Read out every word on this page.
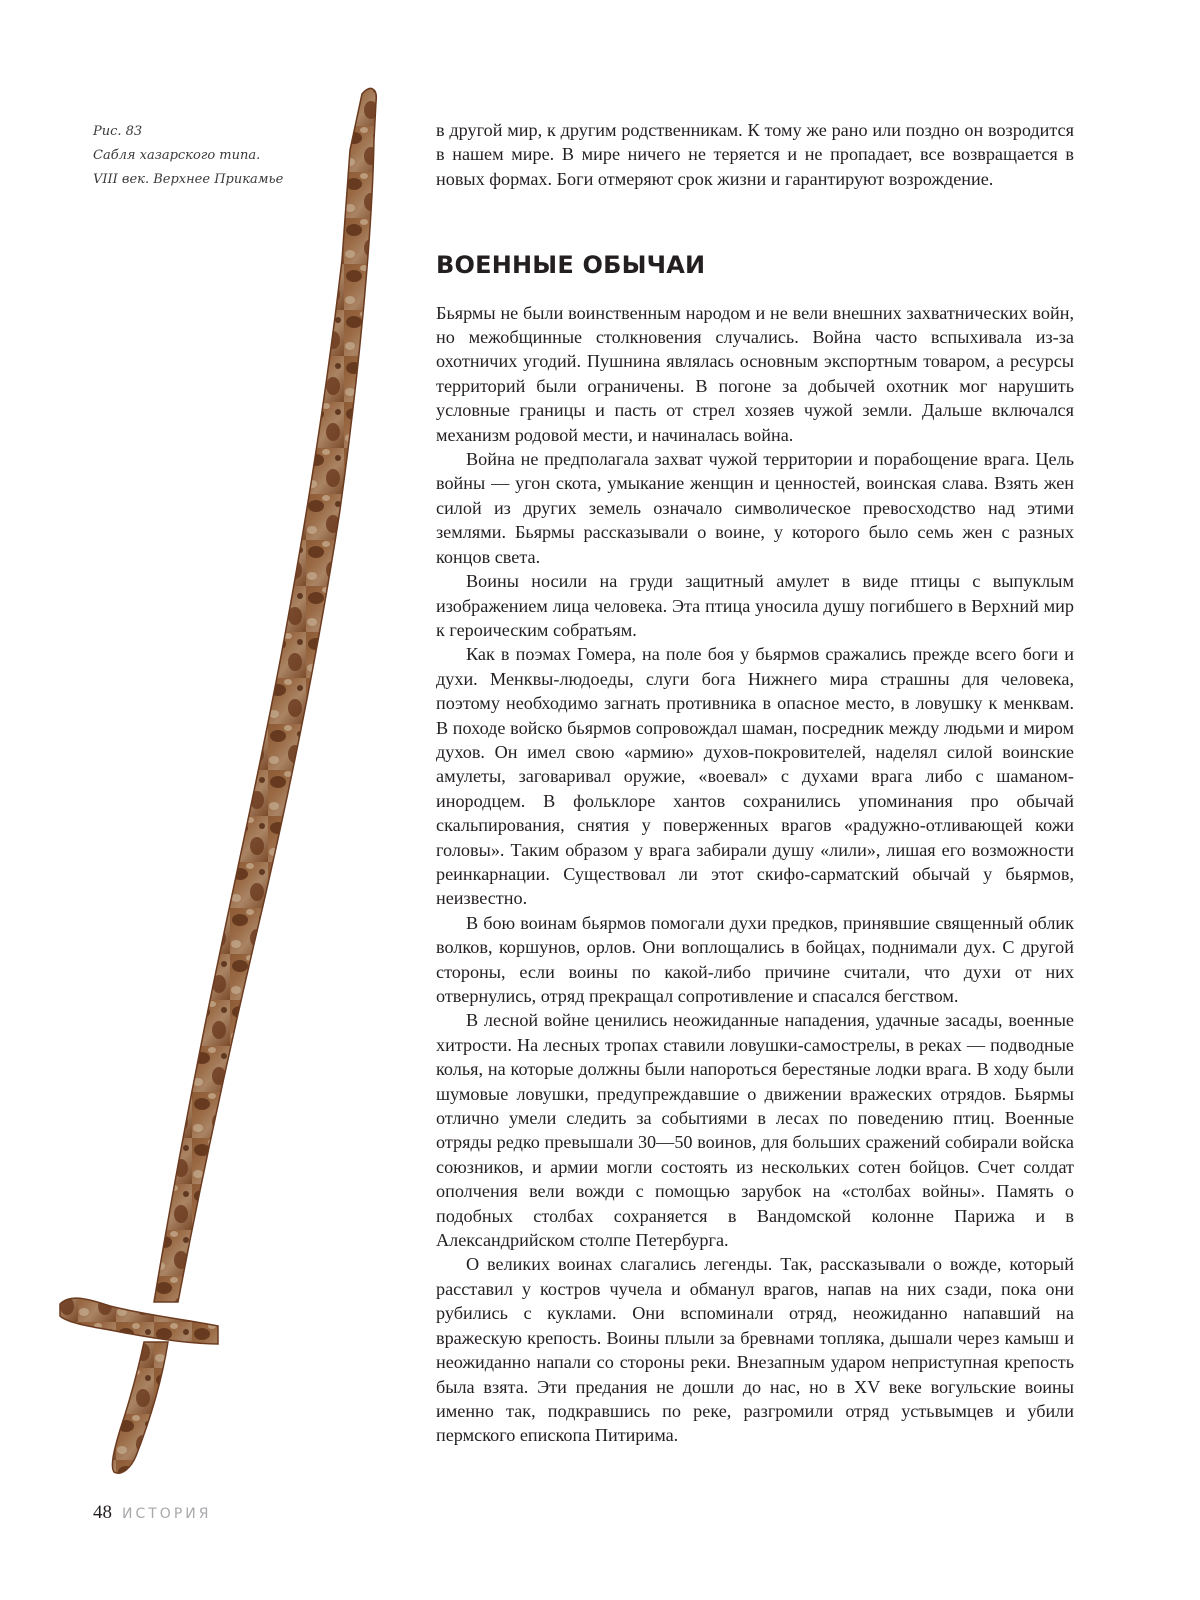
Рис. 83
Сабля хазарского типа.
VIII век. Верхнее Прикамье

в другой мир, к другим родственникам. К тому же рано или поздно он возродится в нашем мире. В мире ничего не теряется и не пропадает, все возвращается в новых формах. Боги отмеряют срок жизни и гарантируют возрождение.

ВОЕННЫЕ ОБЫЧАИ

Бьярмы не были воинственным народом и не вели внешних захватнических войн, но межобщинные столкновения случались. Война часто вспыхивала из-за охотничих угодий. Пушнина являлась основным экспортным товаром, а ресурсы территорий были ограничены. В погоне за добычей охотник мог нарушить условные границы и пасть от стрел хозяев чужой земли. Дальше включался механизм родовой мести, и начиналась война.

Война не предполагала захват чужой территории и порабощение врага. Цель войны — угон скота, умыкание женщин и ценностей, воинская слава. Взять жен силой из других земель означало символическое превосходство над этими землями. Бьярмы рассказывали о воине, у которого было семь жен с разных концов света.

Воины носили на груди защитный амулет в виде птицы с выпуклым изображением лица человека. Эта птица уносила душу погибшего в Верхний мир к героическим собратьям.

Как в поэмах Гомера, на поле боя у бьярмов сражались прежде всего боги и духи. Менквы-людоеды, слуги бога Нижнего мира страшны для человека, поэтому необходимо загнать противника в опасное место, в ловушку к менквам. В походе войско бьярмов сопровождал шаман, посредник между людьми и миром духов. Он имел свою «армию» духов-покровителей, наделял силой воинские амулеты, заговаривал оружие, «воевал» с духами врага либо с шаманом-инородцем. В фольклоре хантов сохранились упоминания про обычай скальпирования, снятия у поверженных врагов «радужно-отливающей кожи головы». Таким образом у врага забирали душу «лили», лишая его возможности реинкарнации. Существовал ли этот скифо-сарматский обычай у бьярмов, неизвестно.

В бою воинам бьярмов помогали духи предков, принявшие священный облик волков, коршунов, орлов. Они воплощались в бойцах, поднимали дух. С другой стороны, если воины по какой-либо причине считали, что духи от них отвернулись, отряд прекращал сопротивление и спасался бегством.

В лесной войне ценились неожиданные нападения, удачные засады, военные хитрости. На лесных тропах ставили ловушки-самострелы, в реках — подводные колья, на которые должны были напороться берестяные лодки врага. В ходу были шумовые ловушки, предупреждавшие о движении вражеских отрядов. Бьярмы отлично умели следить за событиями в лесах по поведению птиц. Военные отряды редко превышали 30—50 воинов, для больших сражений собирали войска союзников, и армии могли состоять из нескольких сотен бойцов. Счет солдат ополчения вели вожди с помощью зарубок на «столбах войны». Память о подобных столбах сохраняется в Вандомской колонне Парижа и в Александрийском столпе Петербурга.

О великих воинах слагались легенды. Так, рассказывали о вожде, который расставил у костров чучела и обманул врагов, напав на них сзади, пока они рубились с куклами. Они вспоминали отряд, неожиданно напавший на вражескую крепость. Воины плыли за бревнами топляка, дышали через камыш и неожиданно напали со стороны реки. Внезапным ударом неприступная крепость была взята. Эти предания не дошли до нас, но в XV веке вогульские воины именно так, подкравшись по реке, разгромили отряд устьвымцев и убили пермского епископа Питирима.

48 ИСТОРИЯ
